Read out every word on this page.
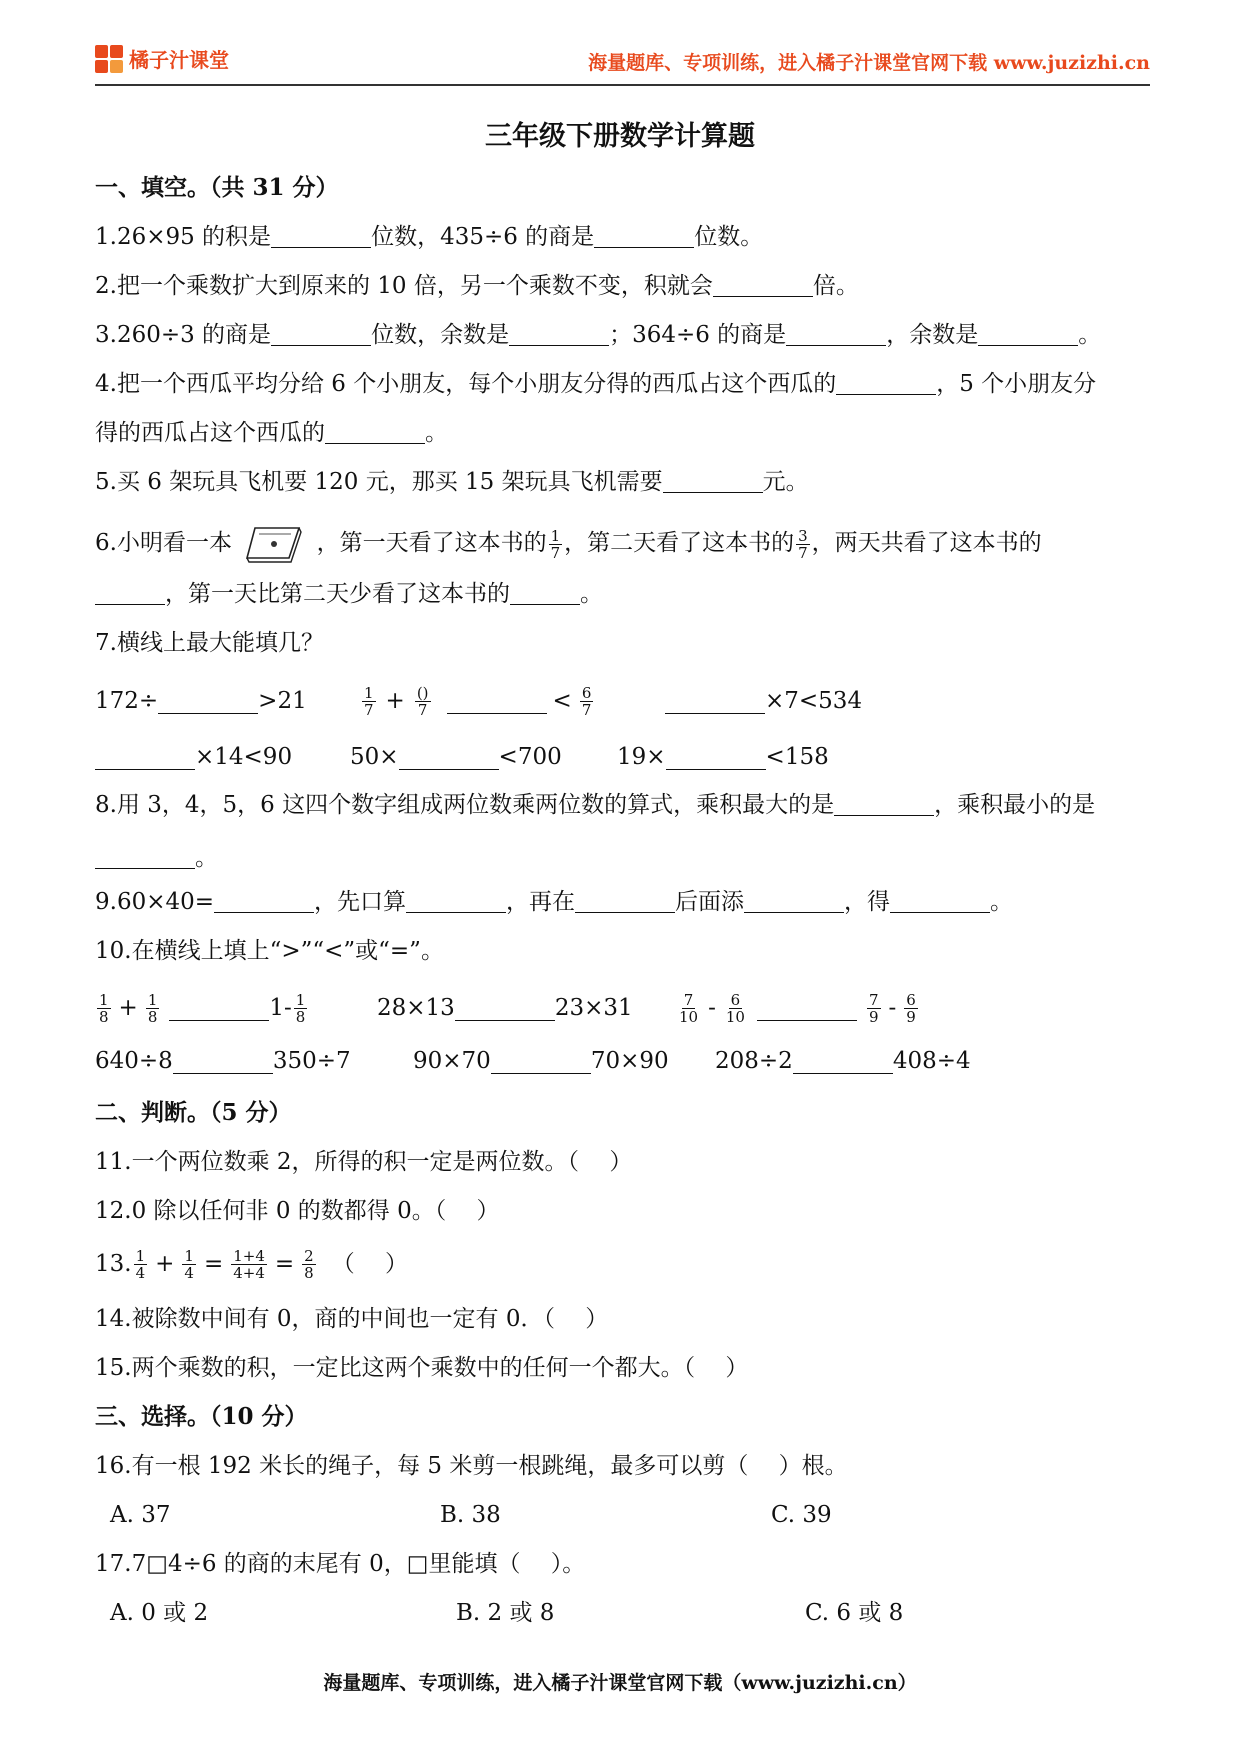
橘子汁课堂	海量题库、专项训练，进入橘子汁课堂官网下载 www.juzizhi.cn
三年级下册数学计算题
一、填空。（共 31 分）
1.26×95 的积是	位数，435÷6 的商是	位数。
2.把一个乘数扩大到原来的 10 倍，另一个乘数不变，积就会	倍。
3.260÷3 的商是	位数，余数是	；364÷6 的商是	，余数是	。
4.把一个西瓜平均分给 6 个小朋友，每个小朋友分得的西瓜占这个西瓜的	，5 个小朋友分
得的西瓜占这个西瓜的	。
5.买 6 架玩具飞机要 120 元，那买 15 架玩具飞机需要	元。
6.小明看一本	，第一天看了这本书的 $\frac{1}{7}$ ，第二天看了这本书的 $\frac{3}{7}$ ，两天共看了这本书的
，第一天比第二天少看了这本书的	。
7.横线上最大能填几？
172÷	>21	$\frac{1}{7} + \frac{()}{7}$	< $\frac{6}{7}$	×7<534
×14<90	50×	<700 19×	<158
8.用 3，4，5，6 这四个数字组成两位数乘两位数的算式，乘积最大的是	，乘积最小的是
。
9.60×40=	，先口算	，再在	后面添	，得	。
10.在横线上填上“>”“<”或“=”。
$\frac{1}{8} + \frac{1}{8}$	$1- \frac{1}{8}$	28×13	23×31	$\frac{7}{10} - \frac{6}{10}$	$\frac{7}{9} - \frac{6}{9}$
640÷8	350÷7	90×70	70×90 208÷2	408÷4
二、判断。（5 分）
11.一个两位数乘 2，所得的积一定是两位数。（　 ）
12.0 除以任何非 0 的数都得 0。（　 ）
13. $\frac{1}{4} + \frac{1}{4} = \frac{1+4}{4+4} = \frac{2}{8}$ （　 ）
14.被除数中间有 0，商的中间也一定有 0．（　 ）
15.两个乘数的积，一定比这两个乘数中的任何一个都大。（　 ）
三、选择。（10 分）
16.有一根 192 米长的绳子，每 5 米剪一根跳绳，最多可以剪（　 ）根。
A. 37	B. 38	C. 39
17.7□4÷6 的商的末尾有 0，□里能填（　 ）。
A. 0 或 2	B. 2 或 8	C. 6 或 8
海量题库、专项训练，进入橘子汁课堂官网下载（www.juzizhi.cn）
